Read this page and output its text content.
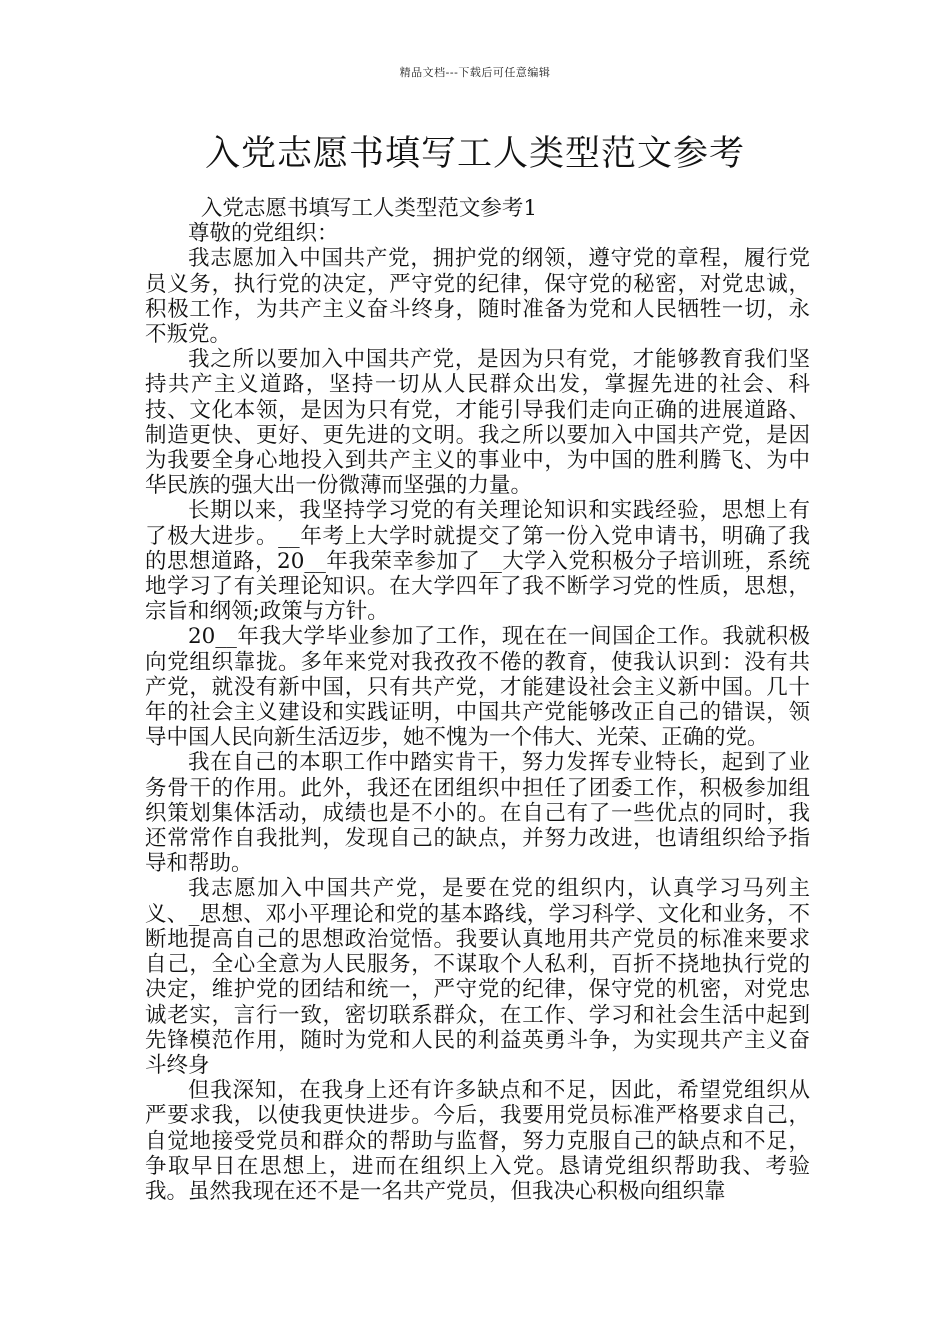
精品文档---下载后可任意编辑
入党志愿书填写工人类型范文参考

入党志愿书填写工人类型范文参考1

尊敬的党组织：

我志愿加入中国共产党，拥护党的纲领，遵守党的章程，履行党员义务，执行党的决定，严守党的纪律，保守党的秘密，对党忠诚，积极工作，为共产主义奋斗终身，随时准备为党和人民牺牲一切，永不叛党。

我之所以要加入中国共产党，是因为只有党，才能够教育我们坚持共产主义道路，坚持一切从人民群众出发，掌握先进的社会、科技、文化本领，是因为只有党，才能引导我们走向正确的进展道路、制造更快、更好、更先进的文明。我之所以要加入中国共产党，是因为我要全身心地投入到共产主义的事业中，为中国的胜利腾飞、为中华民族的强大出一份微薄而坚强的力量。

长期以来，我坚持学习党的有关理论知识和实践经验，思想上有了极大进步。__年考上大学时就提交了第一份入党申请书，明确了我的思想道路，20__年我荣幸参加了__大学入党积极分子培训班，系统地学习了有关理论知识。在大学四年了我不断学习党的性质，思想，宗旨和纲领;政策与方针。

20__年我大学毕业参加了工作，现在在一间国企工作。我就积极向党组织靠拢。多年来党对我孜孜不倦的教育，使我认识到：没有共产党，就没有新中国，只有共产党，才能建设社会主义新中国。几十年的社会主义建设和实践证明，中国共产党能够改正自己的错误，领导中国人民向新生活迈步，她不愧为一个伟大、光荣、正确的党。

我在自己的本职工作中踏实肯干，努力发挥专业特长，起到了业务骨干的作用。此外，我还在团组织中担任了团委工作，积极参加组织策划集体活动，成绩也是不小的。在自己有了一些优点的同时，我还常常作自我批判，发现自己的缺点，并努力改进，也请组织给予指导和帮助。

我志愿加入中国共产党，是要在党的组织内，认真学习马列主义、_思想、邓小平理论和党的基本路线，学习科学、文化和业务，不断地提高自己的思想政治觉悟。我要认真地用共产党员的标准来要求自己，全心全意为人民服务，不谋取个人私利，百折不挠地执行党的决定，维护党的团结和统一，严守党的纪律，保守党的机密，对党忠诚老实，言行一致，密切联系群众，在工作、学习和社会生活中起到先锋模范作用，随时为党和人民的利益英勇斗争，为实现共产主义奋斗终身

但我深知，在我身上还有许多缺点和不足，因此，希望党组织从严要求我，以使我更快进步。今后，我要用党员标准严格要求自己，自觉地接受党员和群众的帮助与监督，努力克服自己的缺点和不足，争取早日在思想上，进而在组织上入党。恳请党组织帮助我、考验我。虽然我现在还不是一名共产党员，但我决心积极向组织靠
